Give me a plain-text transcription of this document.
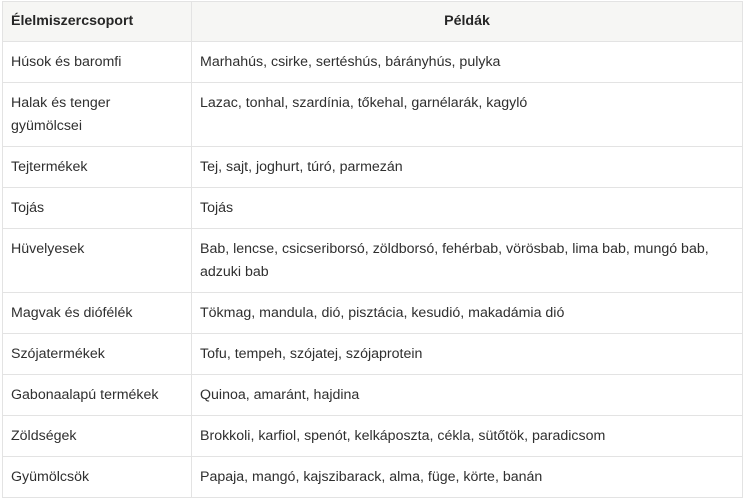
Élelmiszercsoport	Példák
Húsok és baromfi	Marhahús, csirke, sertéshús, bárányhús, pulyka
Halak és tenger gyümölcsei	Lazac, tonhal, szardínia, tőkehal, garnélarák, kagyló
Tejtermékek	Tej, sajt, joghurt, túró, parmezán
Tojás	Tojás
Hüvelyesek	Bab, lencse, csicseriborsó, zöldborsó, fehérbab, vörösbab, lima bab, mungó bab, adzuki bab
Magvak és diófélék	Tökmag, mandula, dió, pisztácia, kesudió, makadámia dió
Szójatermékek	Tofu, tempeh, szójatej, szójaprotein
Gabonaalapú termékek	Quinoa, amaránt, hajdina
Zöldségek	Brokkoli, karfiol, spenót, kelkáposzta, cékla, sütőtök, paradicsom
Gyümölcsök	Papaja, mangó, kajszibarack, alma, füge, körte, banán
